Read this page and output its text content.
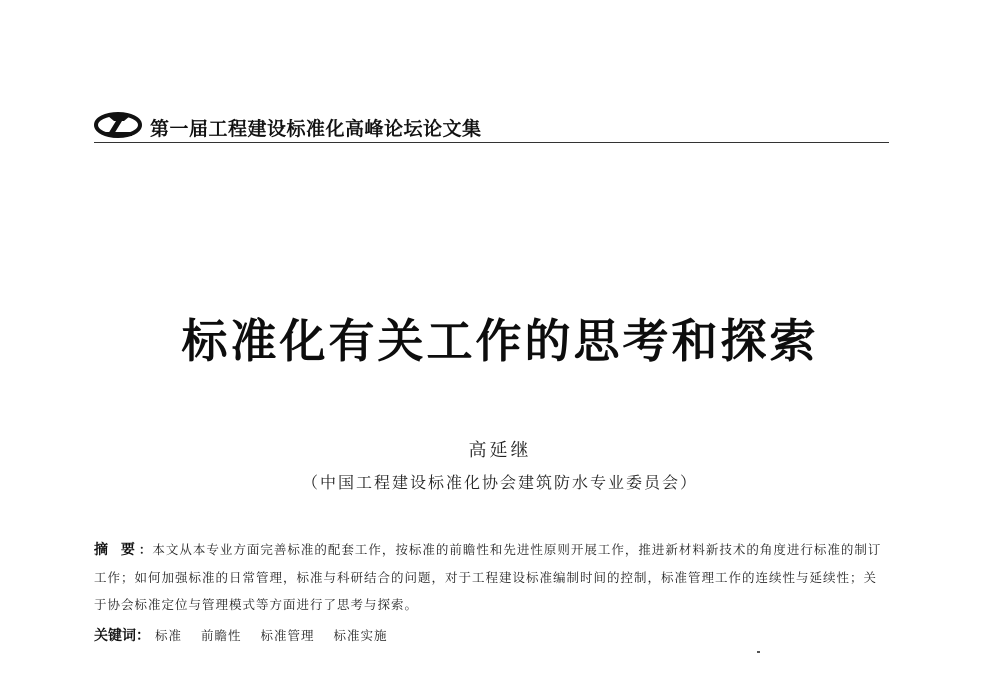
第一届工程建设标准化高峰论坛论文集
标准化有关工作的思考和探索
高延继
（中国工程建设标准化协会建筑防水专业委员会）
摘 要：本文从本专业方面完善标准的配套工作，按标准的前瞻性和先进性原则开展工作，推进新材料新技术的角度进行标准的制订工作；如何加强标准的日常管理，标准与科研结合的问题，对于工程建设标准编制时间的控制，标准管理工作的连续性与延续性；关于协会标准定位与管理模式等方面进行了思考与探索。
关键词： 标准 前瞻性 标准管理 标准实施
